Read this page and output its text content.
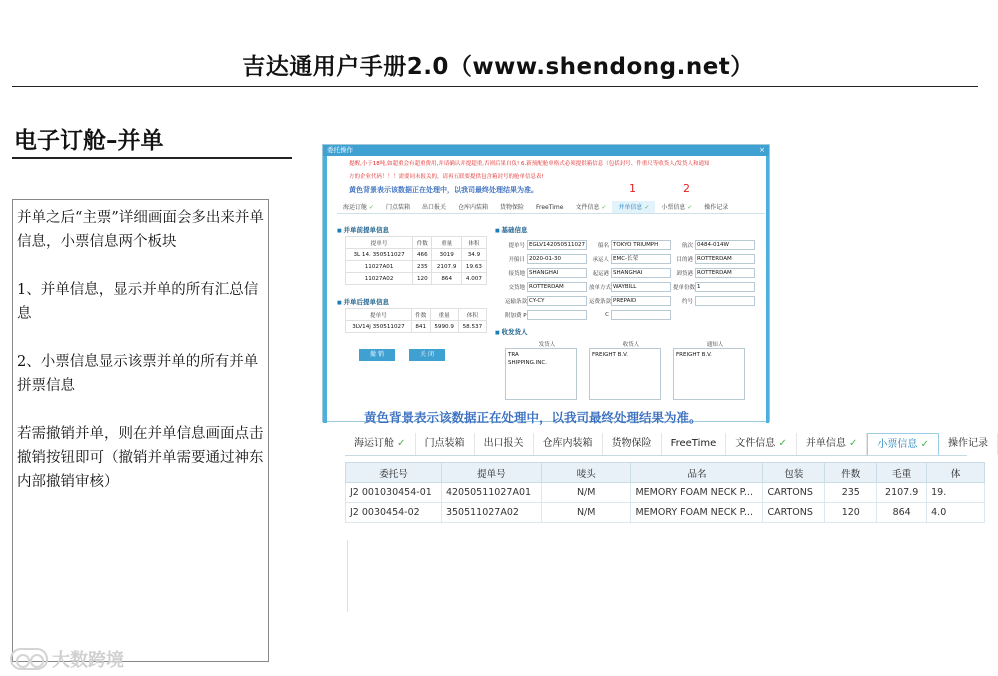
吉达通用户手册2.0（www.shendong.net）
电子订舱–并单

并单之后“主票”详细画面会多出来并单信息，小票信息两个板块

1、并单信息，显示并单的所有汇总信息

2、小票信息显示该票并单的所有并单拼票信息

若需撤销并单，则在并单信息画面点击撤销按钮即可（撤销并单需要通过神东内部撤销审核）

大数跨境
委托操作	×
提醒,小于18吨,如超重会有超重费用,并请确认并提超重,否则后果自负! 6.新预配舱单格式必须提供箱信息（包括封号、件重尺等收货人/发货人和通知
方的企业代码！！！需要同未报关的，请再五联要提供包含箱封号的舱单信息表!
黄色背景表示该数据正在处理中，以我司最终处理结果为准。	1	2
海运订舱 ✓	门点装箱	出口报关	仓库内装箱	货物保险	FreeTime	文件信息 ✓	并单信息 ✓	小票信息 ✓	操作记录
■ 并单前提单信息
提单号	件数	重量	体积
3L 14. 350511027	466	3019	34.9
11027A01	235	2107.9	19.63
11027A02	120	864	4.007
■ 并单后提单信息
提单号	件数	重量	体积
3LV14j 350511027	841	5990.9	58.537
撤 销	关 闭
■ 基础信息
提单号 EGLV142050511027	船名 TOKYO TRIUMPH	航次 0484-014W
开船日 2020-01-30	承运人 EMC-长荣	目的港 ROTTERDAM
接货地 SHANGHAI	起运港 SHANGHAI	卸货港 ROTTERDAM
交货地 ROTTERDAM	放单方式 WAYBILL	提单份数 1
运输条款 CY-CY	运费条款 PREPAID	约号
附加费 P	C
■ 收发货人
发货人	收货人	通知人
TRA
SHIPPING.INC.
FREIGHT B.V.	FREIGHT B.V.
黄色背景表示该数据正在处理中，以我司最终处理结果为准。
海运订舱 ✓	门点装箱	出口报关	仓库内装箱	货物保险	FreeTime	文件信息 ✓	并单信息 ✓	小票信息 ✓	操作记录
委托号	提单号	唛头	品名	包装	件数	毛重	体
J2 001030454-01	42050511027A01	N/M	MEMORY FOAM NECK P...	CARTONS	235	2107.9	19.
J2 0030454-02	350511027A02	N/M	MEMORY FOAM NECK P...	CARTONS	120	864	4.0
